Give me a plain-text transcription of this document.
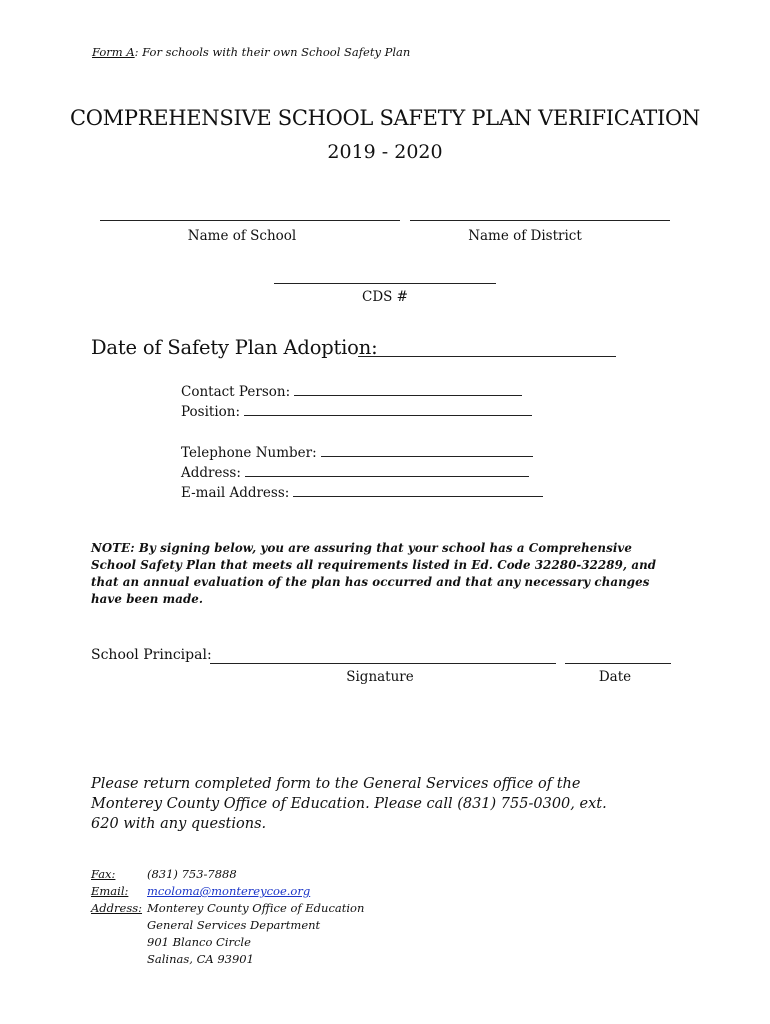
Form A: For schools with their own School Safety Plan
COMPREHENSIVE SCHOOL SAFETY PLAN VERIFICATION
2019 - 2020
Name of School	Name of District
CDS #
Date of Safety Plan Adoption:
Contact Person:
Position:
Telephone Number:
Address:
E-mail Address:
NOTE: By signing below, you are assuring that your school has a Comprehensive School Safety Plan that meets all requirements listed in Ed. Code 32280-32289, and that an annual evaluation of the plan has occurred and that any necessary changes have been made.
School Principal:
Signature	Date
Please return completed form to the General Services office of the Monterey County Office of Education. Please call (831) 755-0300, ext. 620 with any questions.
Fax:	(831) 753-7888
Email: mcoloma@montereycoe.org
Address: Monterey County Office of Education
General Services Department
901 Blanco Circle
Salinas, CA 93901
